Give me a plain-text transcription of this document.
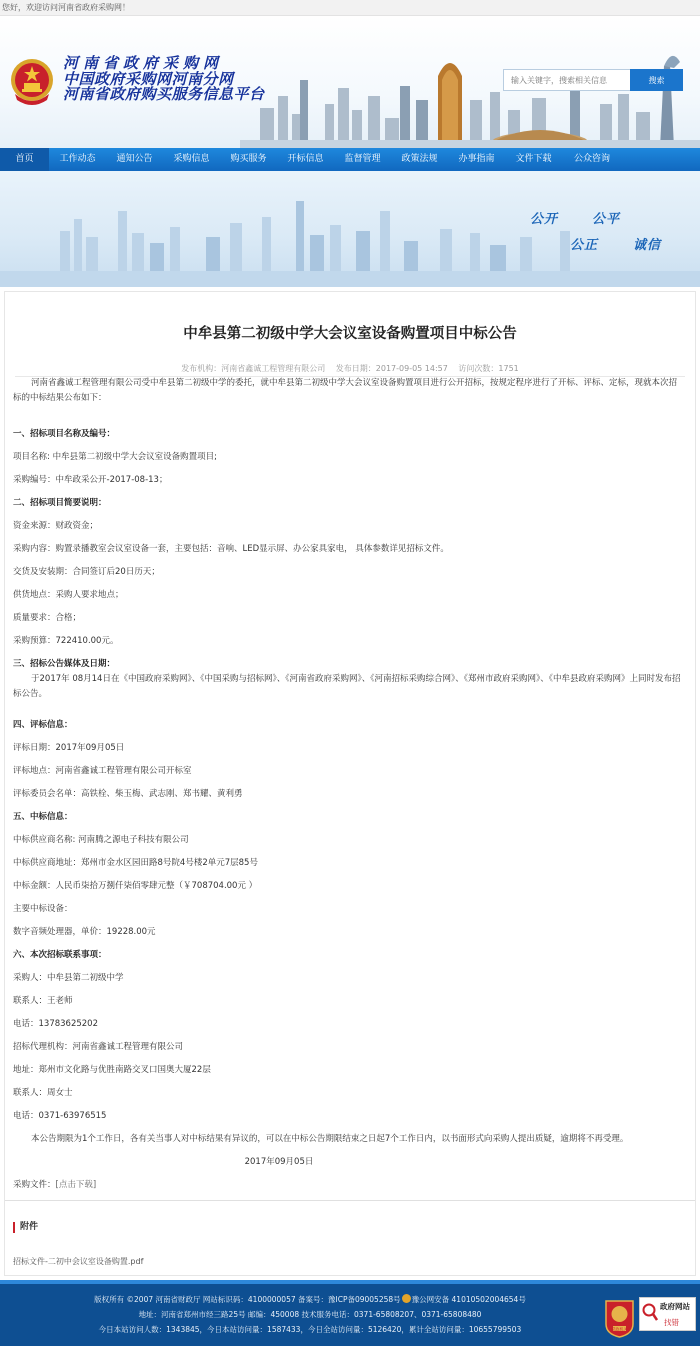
您好，欢迎访问河南省政府采购网！
河南省政府采购网
中国政府采购网河南分网
河南省政府购买服务信息平台
输入关键字，搜索相关信息
搜索
首页	工作动态	通知公告	采购信息	购买服务	开标信息	监督管理	政策法规	办事指南	文件下载	公众咨询
公开	公平
公正	诚信
中牟县第二初级中学大会议室设备购置项目中标公告
发布机构：河南省鑫诚工程管理有限公司 发布日期：2017-09-05 14:57 访问次数：1751

河南省鑫诚工程管理有限公司受中牟县第二初级中学的委托，就中牟县第二初级中学大会议室设备购置项目进行公开招标，按规定程序进行了开标、评标、定标，现就本次招标的中标结果公布如下：

一、招标项目名称及编号：
项目名称: 中牟县第二初级中学大会议室设备购置项目;
采购编号：中牟政采公开-2017-08-13；
二、招标项目简要说明：
资金来源：财政资金；
采购内容：购置录播教室会议室设备一套，主要包括：音响、LED显示屏、办公家具家电， 具体参数详见招标文件。
交货及安装期：合同签订后20日历天；
供货地点：采购人要求地点；
质量要求：合格；
采购预算：722410.00元。
三、招标公告媒体及日期：

于2017年 08月14日在《中国政府采购网》、《中国采购与招标网》、《河南省政府采购网》、《河南招标采购综合网》、《郑州市政府采购网》、《中牟县政府采购网》上同时发布招标公告。

四、评标信息：
评标日期：2017年09月05日
评标地点：河南省鑫诚工程管理有限公司开标室
评标委员会名单：高铁栓、柴玉梅、武志刚、郑书耀、黄利勇
五、中标信息：
中标供应商名称: 河南腾之源电子科技有限公司
中标供应商地址：郑州市金水区园田路8号院4号楼2单元7层85号
中标金额：人民币柒拾万捌仟柒佰零肆元整（￥708704.00元 ）
主要中标设备：
数字音频处理器，单价：19228.00元
六、本次招标联系事项：
采购人：中牟县第二初级中学
联系人：王老师
电话：13783625202
招标代理机构：河南省鑫诚工程管理有限公司
地址：郑州市文化路与优胜南路交叉口国奥大厦22层
联系人：周女士
电话：0371-63976515
本公告期限为1个工作日，各有关当事人对中标结果有异议的，可以在中标公告期限结束之日起7个工作日内，以书面形式向采购人提出质疑，逾期将不再受理。
2017年09月05日
采购文件：[点击下载]
附件
招标文件-二初中会议室设备购置.pdf
版权所有 ©2007 河南省财政厅 网站标识码：4100000057 备案号：豫ICP备09005258号 豫公网安备 41010502004654号
地址：河南省郑州市经三路25号 邮编：450008 技术服务电话：0371-65808207、0371-65808480
今日本站访问人数：1343845，今日本站访问量：1587433，今日全站访问量：5126420，累计全站访问量：10655799503	党政机关
政府网站
找错
